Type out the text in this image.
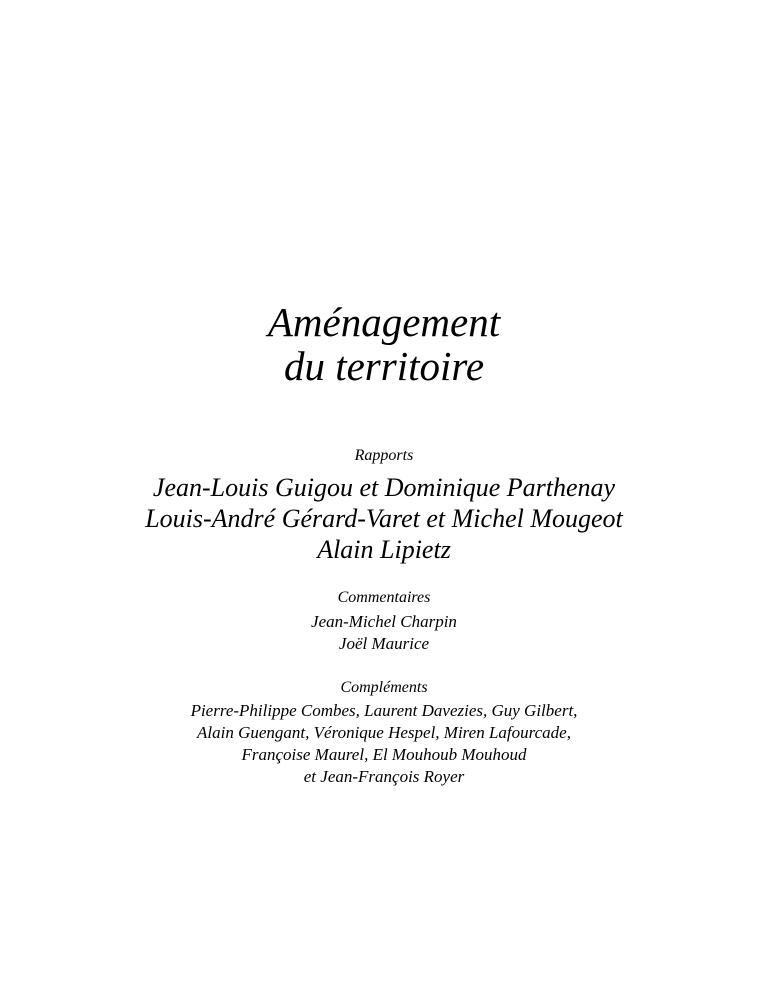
Aménagement
du territoire
Rapports
Jean-Louis Guigou et Dominique Parthenay
Louis-André Gérard-Varet et Michel Mougeot
Alain Lipietz
Commentaires
Jean-Michel Charpin
Joël Maurice
Compléments
Pierre-Philippe Combes, Laurent Davezies, Guy Gilbert,
Alain Guengant, Véronique Hespel, Miren Lafourcade,
Françoise Maurel, El Mouhoub Mouhoud
et Jean-François Royer
